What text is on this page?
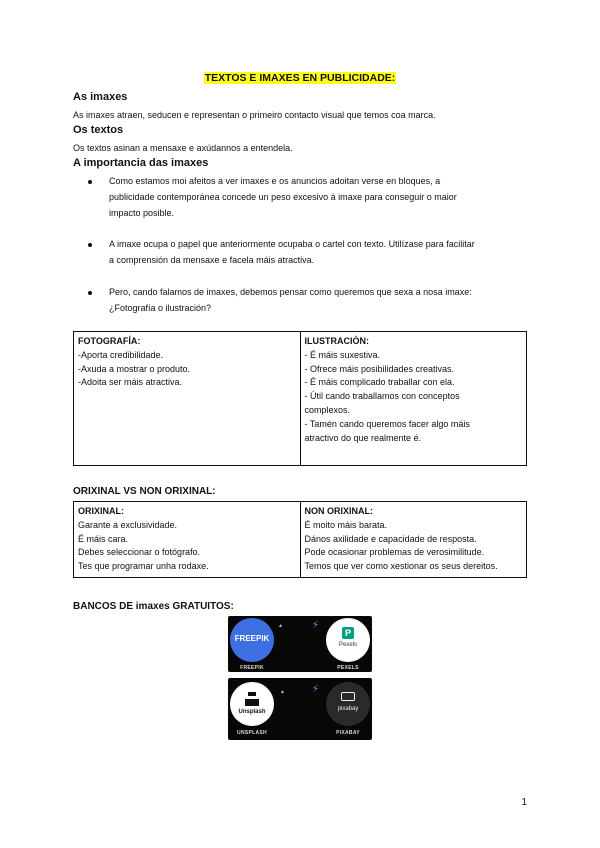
TEXTOS E IMAXES EN PUBLICIDADE:
As imaxes
As imaxes atraen, seducen e representan o primeiro contacto visual que temos coa marca.
Os textos
Os textos asinan a mensaxe e axúdannos a entendela.
A importancia das imaxes
Como estamos moi afeitos a ver imaxes e os anuncios adoitan verse en bloques, a
publicidade contemporánea concede un peso excesivo á imaxe para conseguir o maior
impacto posible.
A imaxe ocupa o papel que anteriormente ocupaba o cartel con texto. Utilízase para facilitar
a comprensión da mensaxe e facela máis atractiva.
Pero, cando falamos de imaxes, debemos pensar como queremos que sexa a nosa imaxe:
¿Fotografía o ilustración?
FOTOGRAFÍA:
-Aporta credibilidade.
-Axuda a mostrar o produto.
-Adoita ser máis atractiva.

ILUSTRACIÓN:
- É máis suxestiva.
- Ofrece máis posibilidades creativas.
- É máis complicado traballar con ela.
- Útil cando traballamos con conceptos
complexos.
- Tamén cando queremos facer algo máis
atractivo do que realmente é.
ORIXINAL VS NON ORIXINAL:
ORIXINAL:
Garante a exclusividade.
É máis cara.
Debes seleccionar o fotógrafo.
Tes que programar unha rodaxe.

NON ORIXINAL:
É moito máis barata.
Dános axilidade e capacidade de resposta.
Pode ocasionar problemas de verosimilitude.
Temos que ver como xestionar os seus dereitos.
BANCOS DE imaxes GRATUITOS:
FREEPIK
▴	⚡
P
Pexels
FREEPIK	PEXELS
Unsplash
▴	⚡
pixabay
UNSPLASH	PIXABAY
1
